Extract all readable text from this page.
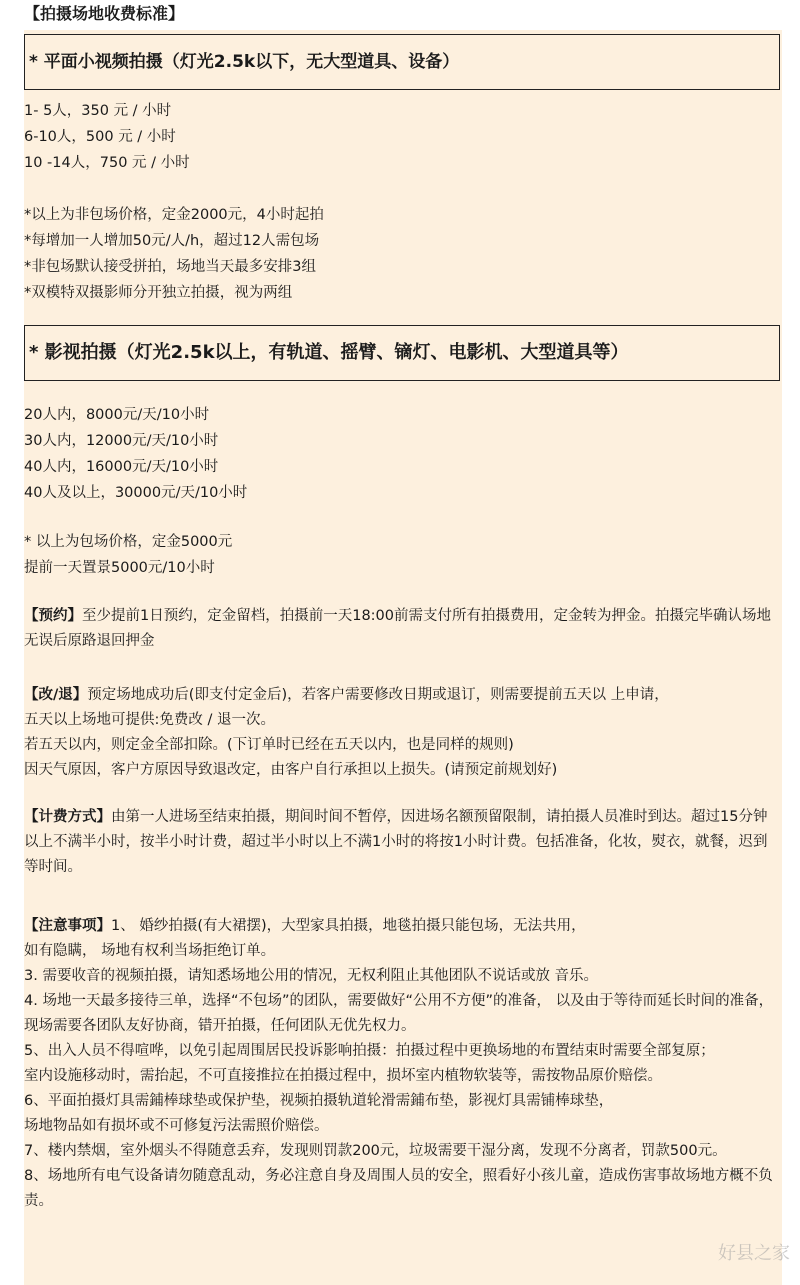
【拍摄场地收费标准】
* 平面小视频拍摄（灯光2.5k以下，无大型道具、设备）
1- 5人，350 元 / 小时
6-10人，500 元 / 小时
10 -14人，750 元 / 小时
*以上为非包场价格，定金2000元，4小时起拍
*每增加一人增加50元/人/h，超过12人需包场
*非包场默认接受拼拍，场地当天最多安排3组
*双模特双摄影师分开独立拍摄，视为两组
* 影视拍摄（灯光2.5k以上，有轨道、摇臂、镝灯、电影机、大型道具等）
20人内，8000元/天/10小时
30人内，12000元/天/10小时
40人内，16000元/天/10小时
40人及以上，30000元/天/10小时
* 以上为包场价格，定金5000元
提前一天置景5000元/10小时
【预约】至少提前1日预约，定金留档，拍摄前一天18:00前需支付所有拍摄费用，定金转为押金。拍摄完毕确认场地无误后原路退回押金
【改/退】预定场地成功后(即支付定金后)，若客户需要修改日期或退订，则需要提前五天以 上申请，
五天以上场地可提供:免费改 / 退一次。
若五天以内，则定金全部扣除。(下订单时已经在五天以内，也是同样的规则)
因天气原因，客户方原因导致退改定，由客户自行承担以上损失。(请预定前规划好)
【计费方式】由第一人进场至结束拍摄，期间时间不暂停，因进场名额预留限制，请拍摄人员准时到达。超过15分钟以上不满半小时，按半小时计费，超过半小时以上不满1小时的将按1小时计费。包括准备，化妆，熨衣，就餐，迟到等时间。
【注意事项】1、 婚纱拍摄(有大裙摆)，大型家具拍摄，地毯拍摄只能包场，无法共用，
如有隐瞒， 场地有权利当场拒绝订单。
3. 需要收音的视频拍摄，请知悉场地公用的情况，无权利阻止其他团队不说话或放 音乐。
4. 场地一天最多接待三单，选择“不包场”的团队，需要做好“公用不方便”的准备， 以及由于等待而延长时间的准备，现场需要各团队友好协商，错开拍摄，任何团队无优先权力。
5、出入人员不得喧哗，以免引起周围居民投诉影响拍摄：拍摄过程中更换场地的布置结束时需要全部复原；
室内设施移动时，需抬起，不可直接推拉在拍摄过程中，损坏室内植物软装等，需按物品原价赔偿。
6、平面拍摄灯具需鋪棒球垫或保护垫，视频拍摄轨道轮滑需鋪布垫，影视灯具需铺棒球垫，
场地物品如有损坏或不可修复污法需照价赔偿。
7、楼内禁烟，室外烟头不得随意丢弃，发现则罚款200元，垃圾需要干湿分离，发现不分离者，罚款500元。
8、场地所有电气设备请勿随意乱动，务必注意自身及周围人员的安全，照看好小孩儿童，造成伤害事故场地方概不负责。
好县之家
